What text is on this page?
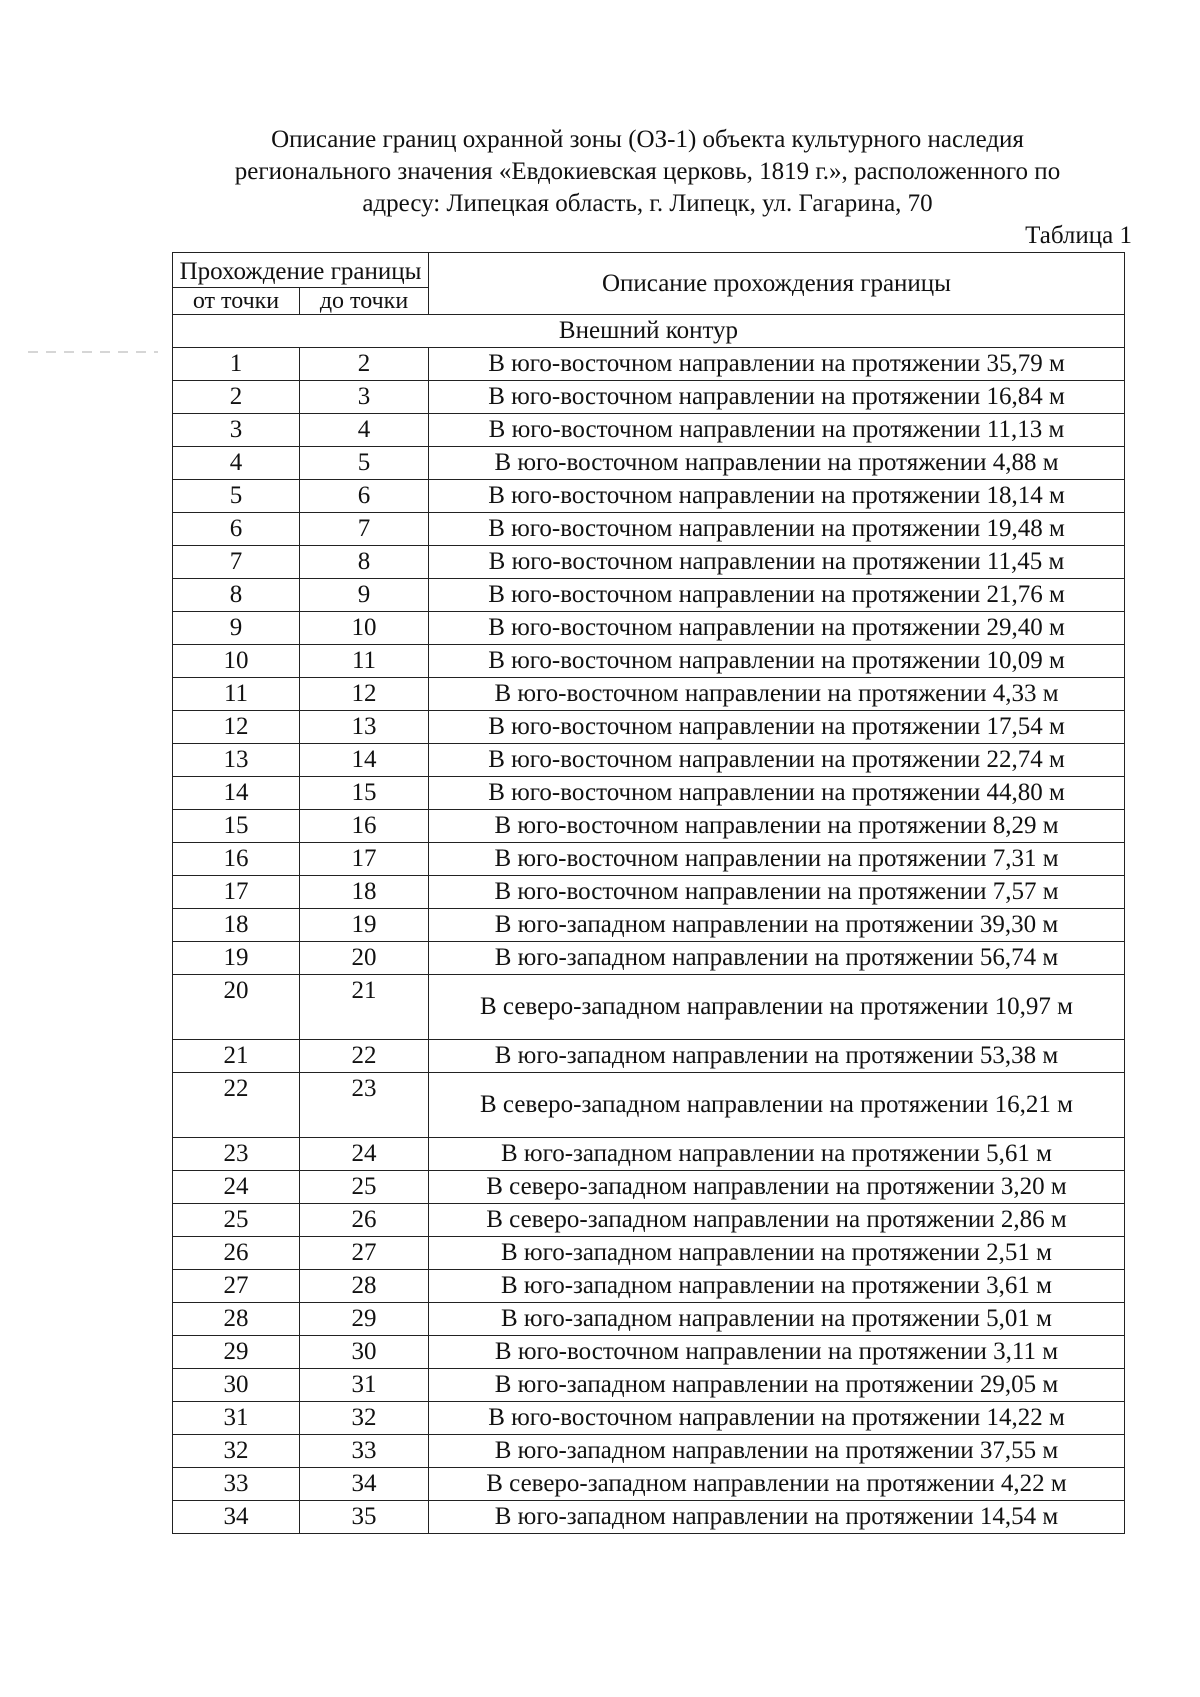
Описание границ охранной зоны (ОЗ-1) объекта культурного наследия
регионального значения «Евдокиевская церковь, 1819 г.», расположенного по
адресу: Липецкая область, г. Липецк, ул. Гагарина, 70
Таблица 1
Прохождение границы		Описание прохождения границы
от точки	до точки	
Внешний контур		
1	2	В юго-восточном направлении на протяжении 35,79 м
2	3	В юго-восточном направлении на протяжении 16,84 м
3	4	В юго-восточном направлении на протяжении 11,13 м
4	5	В юго-восточном направлении на протяжении 4,88 м
5	6	В юго-восточном направлении на протяжении 18,14 м
6	7	В юго-восточном направлении на протяжении 19,48 м
7	8	В юго-восточном направлении на протяжении 11,45 м
8	9	В юго-восточном направлении на протяжении 21,76 м
9	10	В юго-восточном направлении на протяжении 29,40 м
10	11	В юго-восточном направлении на протяжении 10,09 м
11	12	В юго-восточном направлении на протяжении 4,33 м
12	13	В юго-восточном направлении на протяжении 17,54 м
13	14	В юго-восточном направлении на протяжении 22,74 м
14	15	В юго-восточном направлении на протяжении 44,80 м
15	16	В юго-восточном направлении на протяжении 8,29 м
16	17	В юго-восточном направлении на протяжении 7,31 м
17	18	В юго-восточном направлении на протяжении 7,57 м
18	19	В юго-западном направлении на протяжении 39,30 м
19	20	В юго-западном направлении на протяжении 56,74 м
20	21	В северо-западном направлении на протяжении 10,97 м
21	22	В юго-западном направлении на протяжении 53,38 м
22	23	В северо-западном направлении на протяжении 16,21 м
23	24	В юго-западном направлении на протяжении 5,61 м
24	25	В северо-западном направлении на протяжении 3,20 м
25	26	В северо-западном направлении на протяжении 2,86 м
26	27	В юго-западном направлении на протяжении 2,51 м
27	28	В юго-западном направлении на протяжении 3,61 м
28	29	В юго-западном направлении на протяжении 5,01 м
29	30	В юго-восточном направлении на протяжении 3,11 м
30	31	В юго-западном направлении на протяжении 29,05 м
31	32	В юго-восточном направлении на протяжении 14,22 м
32	33	В юго-западном направлении на протяжении 37,55 м
33	34	В северо-западном направлении на протяжении 4,22 м
34	35	В юго-западном направлении на протяжении 14,54 м
